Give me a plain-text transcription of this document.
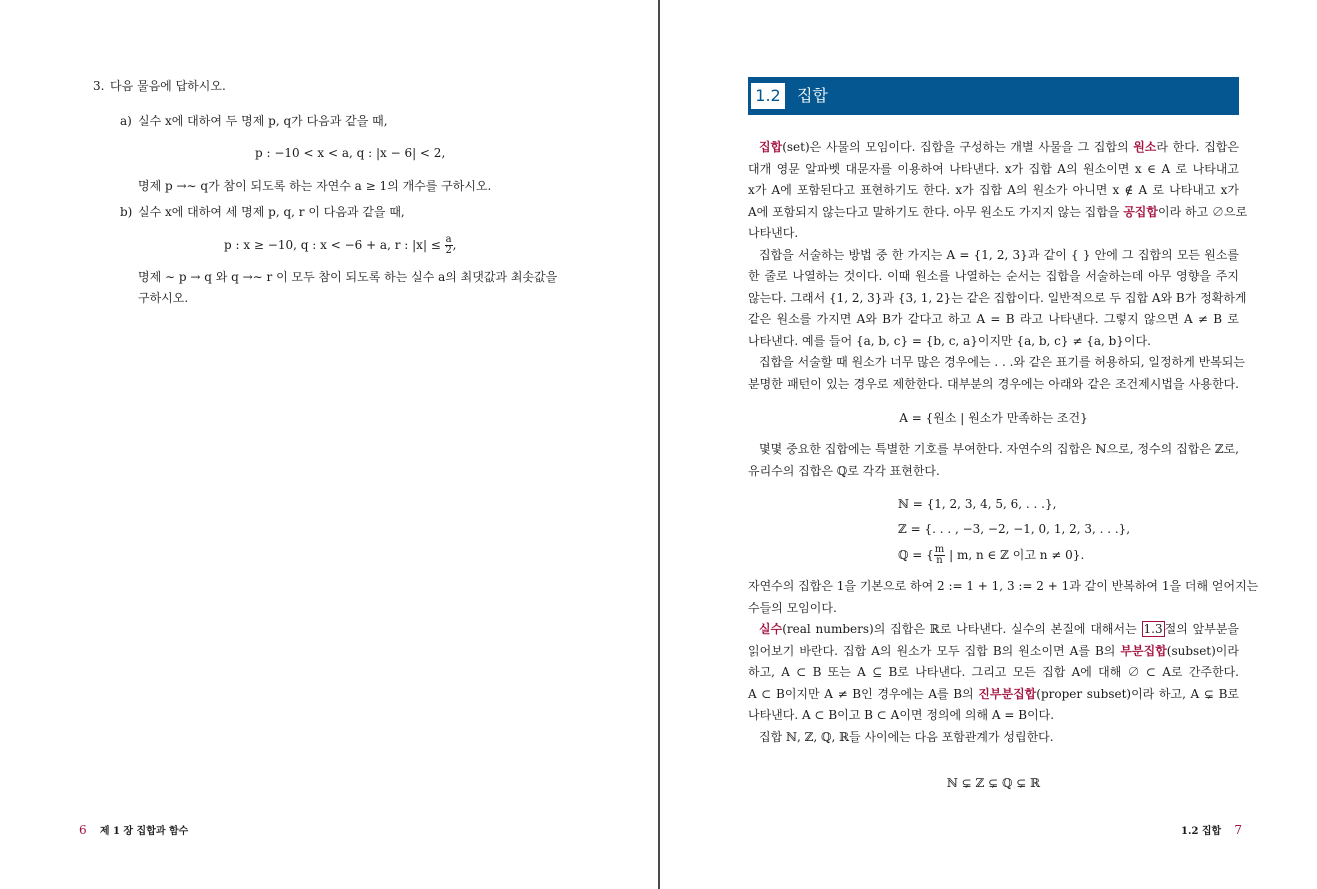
3. 다음 물음에 답하시오.
a) 실수 x에 대하여 두 명제 p, q가 다음과 같을 때,
p : −10 < x < a, q : |x − 6| < 2,
명제 p →∼ q가 참이 되도록 하는 자연수 a ≥ 1의 개수를 구하시오.
b) 실수 x에 대하여 세 명제 p, q, r 이 다음과 같을 때,
p : x ≥ −10, q : x < −6 + a, r : $|x| \le \frac{a}{2}$ ,
명제 ∼ p → q 와 q →∼ r 이 모두 참이 되도록 하는 실수 a의 최댓값과 최솟값을
구하시오.
6 제 1 장 집합과 함수
1.2 집합
집합(set)은 사물의 모임이다. 집합을 구성하는 개별 사물을 그 집합의 원소라 한다. 집합은
대개 영문 알파벳 대문자를 이용하여 나타낸다. x가 집합 A의 원소이면 x ∈ A 로 나타내고
x가 A에 포함된다고 표현하기도 한다. x가 집합 A의 원소가 아니면 x ∉ A 로 나타내고 x가
A에 포함되지 않는다고 말하기도 한다. 아무 원소도 가지지 않는 집합을 공집합이라 하고 ∅으로
나타낸다.
집합을 서술하는 방법 중 한 가지는 A = {1, 2, 3}과 같이 { } 안에 그 집합의 모든 원소를
한 줄로 나열하는 것이다. 이때 원소를 나열하는 순서는 집합을 서술하는데 아무 영향을 주지
않는다. 그래서 {1, 2, 3}과 {3, 1, 2}는 같은 집합이다. 일반적으로 두 집합 A와 B가 정확하게
같은 원소를 가지면 A와 B가 같다고 하고 A = B 라고 나타낸다. 그렇지 않으면 A ≠ B 로
나타낸다. 예를 들어 {a, b, c} = {b, c, a}이지만 {a, b, c} ≠ {a, b}이다.
집합을 서술할 때 원소가 너무 많은 경우에는 . . .와 같은 표기를 허용하되, 일정하게 반복되는
분명한 패턴이 있는 경우로 제한한다. 대부분의 경우에는 아래와 같은 조건제시법을 사용한다.
A = {원소 | 원소가 만족하는 조건}
몇몇 중요한 집합에는 특별한 기호를 부여한다. 자연수의 집합은 ℕ으로, 정수의 집합은 ℤ로,
유리수의 집합은 ℚ로 각각 표현한다.
ℕ = {1, 2, 3, 4, 5, 6, . . .},
ℤ = {. . . , −3, −2, −1, 0, 1, 2, 3, . . .},
ℚ = { $\frac{m}{n}$ | m, n ∈ ℤ 이고 n ≠ 0}.
자연수의 집합은 1을 기본으로 하여 2 := 1 + 1, 3 := 2 + 1과 같이 반복하여 1을 더해 얻어지는
수들의 모임이다.
실수(real numbers)의 집합은 ℝ로 나타낸다. 실수의 본질에 대해서는 1.3 절의 앞부분을
읽어보기 바란다. 집합 A의 원소가 모두 집합 B의 원소이면 A를 B의 부분집합(subset)이라
하고, A ⊂ B 또는 A ⊆ B로 나타낸다. 그리고 모든 집합 A에 대해 ∅ ⊂ A로 간주한다.
A ⊂ B이지만 A ≠ B인 경우에는 A를 B의 진부분집합(proper subset)이라 하고, A ⊊ B로
나타낸다. A ⊂ B이고 B ⊂ A이면 정의에 의해 A = B이다.
집합 ℕ, ℤ, ℚ, ℝ들 사이에는 다음 포함관계가 성립한다.
ℕ ⊊ ℤ ⊊ ℚ ⊊ ℝ
1.2 집합 7
